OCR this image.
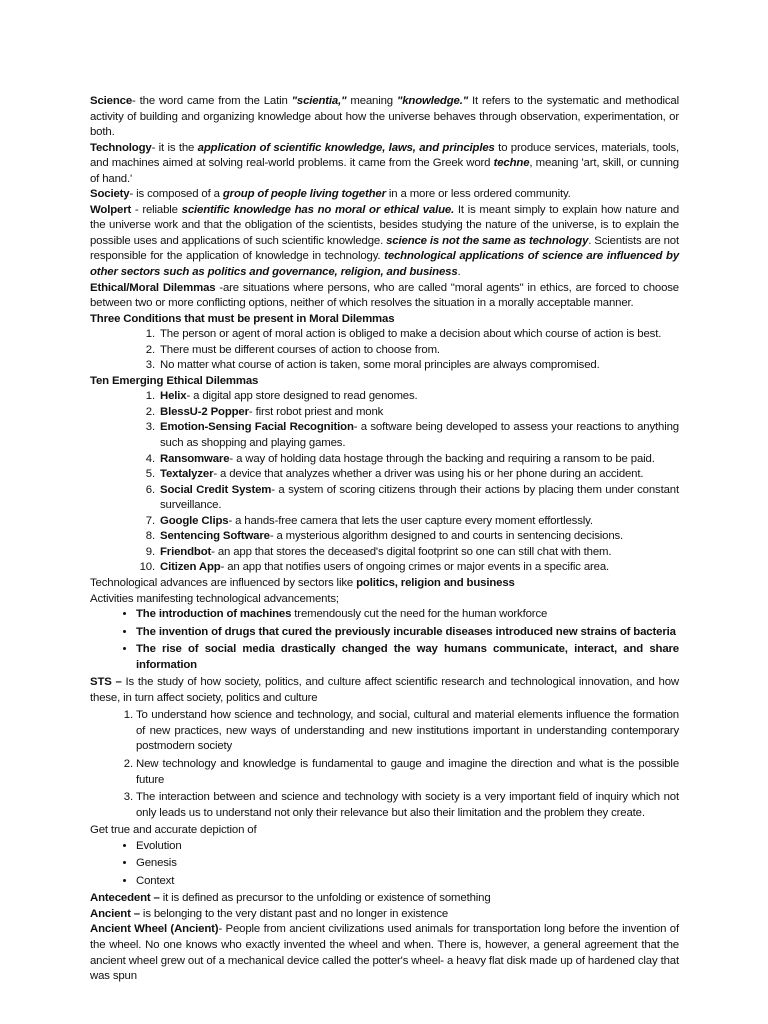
Science- the word came from the Latin "scientia," meaning "knowledge." It refers to the systematic and methodical activity of building and organizing knowledge about how the universe behaves through observation, experimentation, or both.

Technology- it is the application of scientific knowledge, laws, and principles to produce services, materials, tools, and machines aimed at solving real-world problems. it came from the Greek word techne, meaning 'art, skill, or cunning of hand.'

Society- is composed of a group of people living together in a more or less ordered community.

Wolpert - reliable scientific knowledge has no moral or ethical value. It is meant simply to explain how nature and the universe work and that the obligation of the scientists, besides studying the nature of the universe, is to explain the possible uses and applications of such scientific knowledge. science is not the same as technology. Scientists are not responsible for the application of knowledge in technology. technological applications of science are influenced by other sectors such as politics and governance, religion, and business.

Ethical/Moral Dilemmas -are situations where persons, who are called "moral agents" in ethics, are forced to choose between two or more conflicting options, neither of which resolves the situation in a morally acceptable manner.

Three Conditions that must be present in Moral Dilemmas

1. The person or agent of moral action is obliged to make a decision about which course of action is best.
2. There must be different courses of action to choose from.
3. No matter what course of action is taken, some moral principles are always compromised.

Ten Emerging Ethical Dilemmas

1. Helix- a digital app store designed to read genomes.
2. BlessU-2 Popper- first robot priest and monk
3. Emotion-Sensing Facial Recognition- a software being developed to assess your reactions to anything such as shopping and playing games.
4. Ransomware- a way of holding data hostage through the backing and requiring a ransom to be paid.
5. Textalyzer- a device that analyzes whether a driver was using his or her phone during an accident.
6. Social Credit System- a system of scoring citizens through their actions by placing them under constant surveillance.
7. Google Clips- a hands-free camera that lets the user capture every moment effortlessly.
8. Sentencing Software- a mysterious algorithm designed to and courts in sentencing decisions.
9. Friendbot- an app that stores the deceased's digital footprint so one can still chat with them.
10. Citizen App- an app that notifies users of ongoing crimes or major events in a specific area.

Technological advances are influenced by sectors like politics, religion and business

Activities manifesting technological advancements;

• The introduction of machines tremendously cut the need for the human workforce
• The invention of drugs that cured the previously incurable diseases introduced new strains of bacteria
• The rise of social media drastically changed the way humans communicate, interact, and share information

STS – Is the study of how society, politics, and culture affect scientific research and technological innovation, and how these, in turn affect society, politics and culture

1. To understand how science and technology, and social, cultural and material elements influence the formation of new practices, new ways of understanding and new institutions important in understanding contemporary postmodern society
2. New technology and knowledge is fundamental to gauge and imagine the direction and what is the possible future
3. The interaction between and science and technology with society is a very important field of inquiry which not only leads us to understand not only their relevance but also their limitation and the problem they create.

Get true and accurate depiction of

• Evolution
• Genesis
• Context

Antecedent – it is defined as precursor to the unfolding or existence of something

Ancient – is belonging to the very distant past and no longer in existence

Ancient Wheel (Ancient)- People from ancient civilizations used animals for transportation long before the invention of the wheel. No one knows who exactly invented the wheel and when. There is, however, a general agreement that the ancient wheel grew out of a mechanical device called the potter's wheel- a heavy flat disk made up of hardened clay that was spun
